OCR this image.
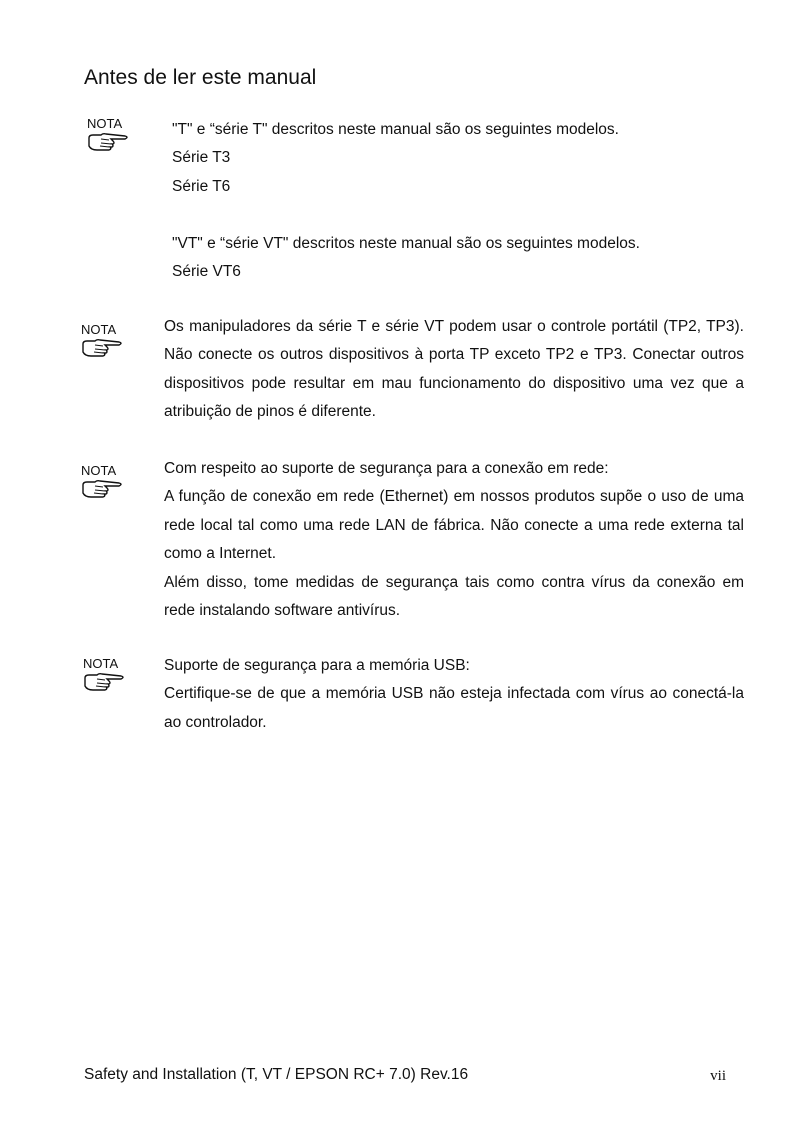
Antes de ler este manual
NOTA	"T" e “série T" descritos neste manual são os seguintes modelos.

Série T3

Série T6

"VT" e “série VT" descritos neste manual são os seguintes modelos.

Série VT6

NOTA	Os manipuladores da série T e série VT podem usar o controle portátil (TP2, TP3). Não conecte os outros dispositivos à porta TP exceto TP2 e TP3. Conectar outros dispositivos pode resultar em mau funcionamento do dispositivo uma vez que a atribuição de pinos é diferente.

NOTA	Com respeito ao suporte de segurança para a conexão em rede:

A função de conexão em rede (Ethernet) em nossos produtos supõe o uso de uma rede local tal como uma rede LAN de fábrica. Não conecte a uma rede externa tal como a Internet.

Além disso, tome medidas de segurança tais como contra vírus da conexão em rede instalando software antivírus.

NOTA	Suporte de segurança para a memória USB:

Certifique-se de que a memória USB não esteja infectada com vírus ao conectá-la ao controlador.

Safety and Installation (T, VT / EPSON RC+ 7.0) Rev.16	vii
